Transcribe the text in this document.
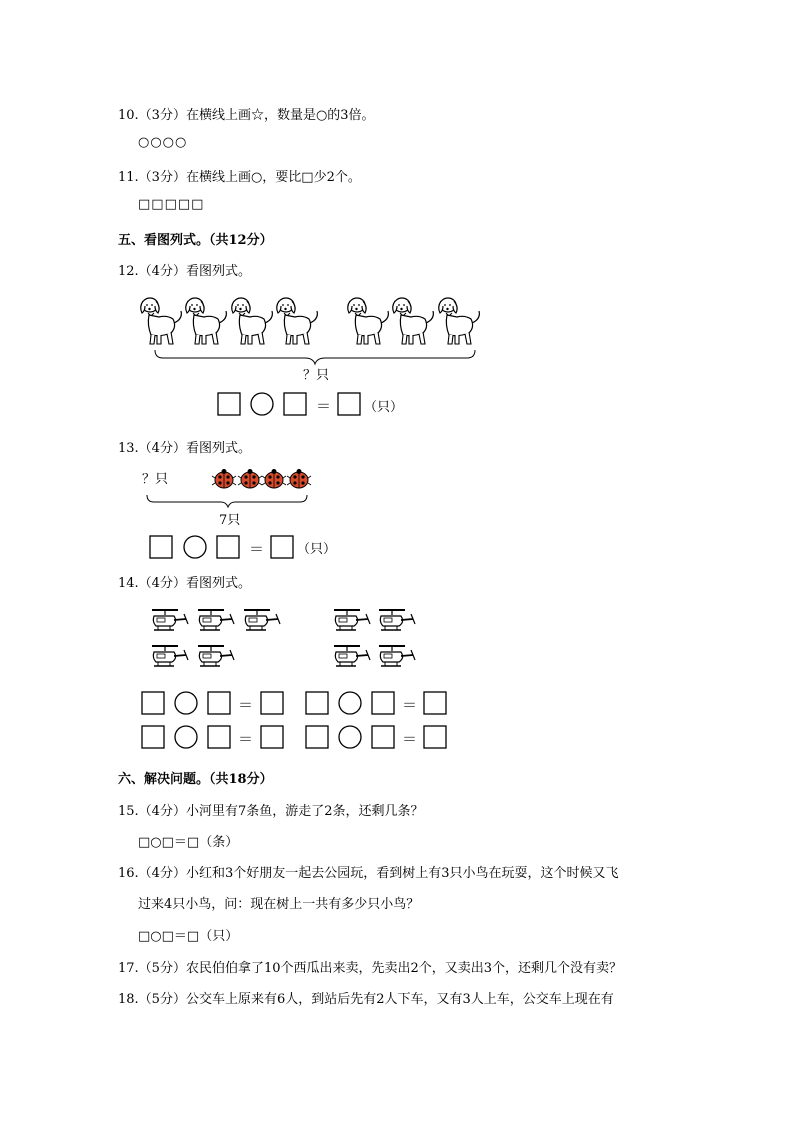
10.（3分）在横线上画☆，数量是○的3倍。
○○○○
11.（3分）在横线上画○，要比□少2个。
□□□□□
五、看图列式。（共12分）
12.（4分）看图列式。
？只
＝	（只）
13.（4分）看图列式。
？只
7只
＝	（只）
14.（4分）看图列式。
＝	＝
＝	＝
六、解决问题。（共18分）
15.（4分）小河里有7条鱼，游走了2条，还剩几条？
□○□＝□（条）
16.（4分）小红和3个好朋友一起去公园玩，看到树上有3只小鸟在玩耍，这个时候又飞
过来4只小鸟，问：现在树上一共有多少只小鸟？
□○□＝□（只）
17.（5分）农民伯伯拿了10个西瓜出来卖，先卖出2个，又卖出3个，还剩几个没有卖？
18.（5分）公交车上原来有6人，到站后先有2人下车，又有3人上车，公交车上现在有
